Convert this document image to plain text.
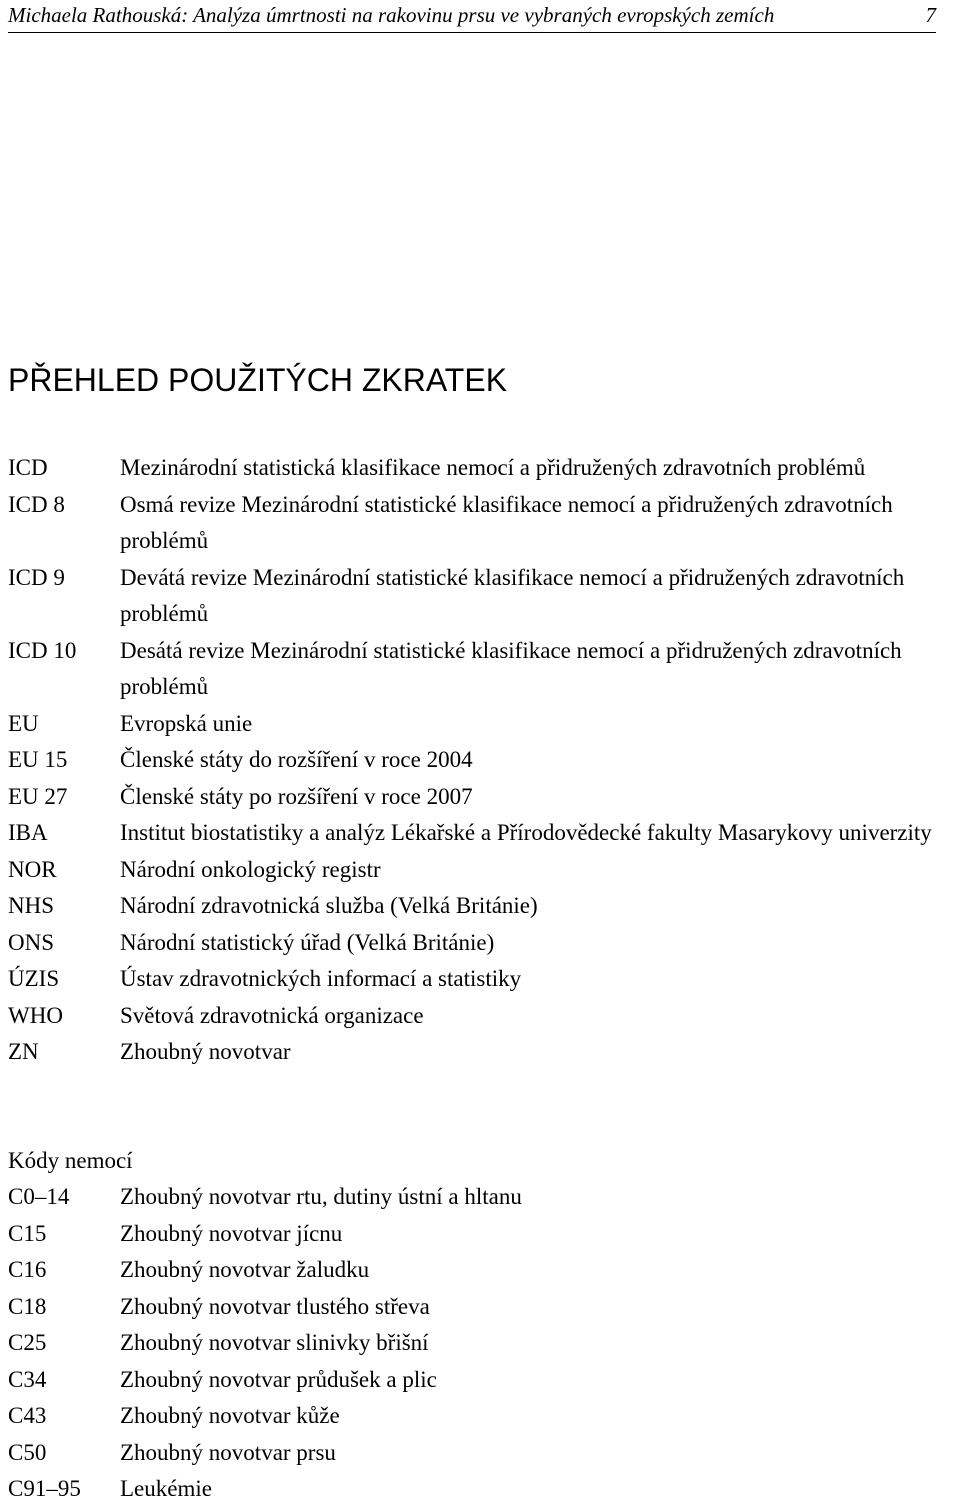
Michaela Rathouská: Analýza úmrtnosti na rakovinu prsu ve vybraných evropských zemích	7
PŘEHLED POUŽITÝCH ZKRATEK
ICD	Mezinárodní statistická klasifikace nemocí a přidružených zdravotních problémů
ICD 8	Osmá revize Mezinárodní statistické klasifikace nemocí a přidružených zdravotních problémů
ICD 9	Devátá revize Mezinárodní statistické klasifikace nemocí a přidružených zdravotních problémů
ICD 10	Desátá revize Mezinárodní statistické klasifikace nemocí a přidružených zdravotních problémů
EU	Evropská unie
EU 15	Členské státy do rozšíření v roce 2004
EU 27	Členské státy po rozšíření v roce 2007
IBA	Institut biostatistiky a analýz Lékařské a Přírodovědecké fakulty Masarykovy univerzity
NOR	Národní onkologický registr
NHS	Národní zdravotnická služba (Velká Británie)
ONS	Národní statistický úřad (Velká Británie)
ÚZIS	Ústav zdravotnických informací a statistiky
WHO	Světová zdravotnická organizace
ZN	Zhoubný novotvar
Kódy nemocí
C0–14	Zhoubný novotvar rtu, dutiny ústní a hltanu
C15	Zhoubný novotvar jícnu
C16	Zhoubný novotvar žaludku
C18	Zhoubný novotvar tlustého střeva
C25	Zhoubný novotvar slinivky břišní
C34	Zhoubný novotvar průdušek a plic
C43	Zhoubný novotvar kůže
C50	Zhoubný novotvar prsu
C91–95	Leukémie
